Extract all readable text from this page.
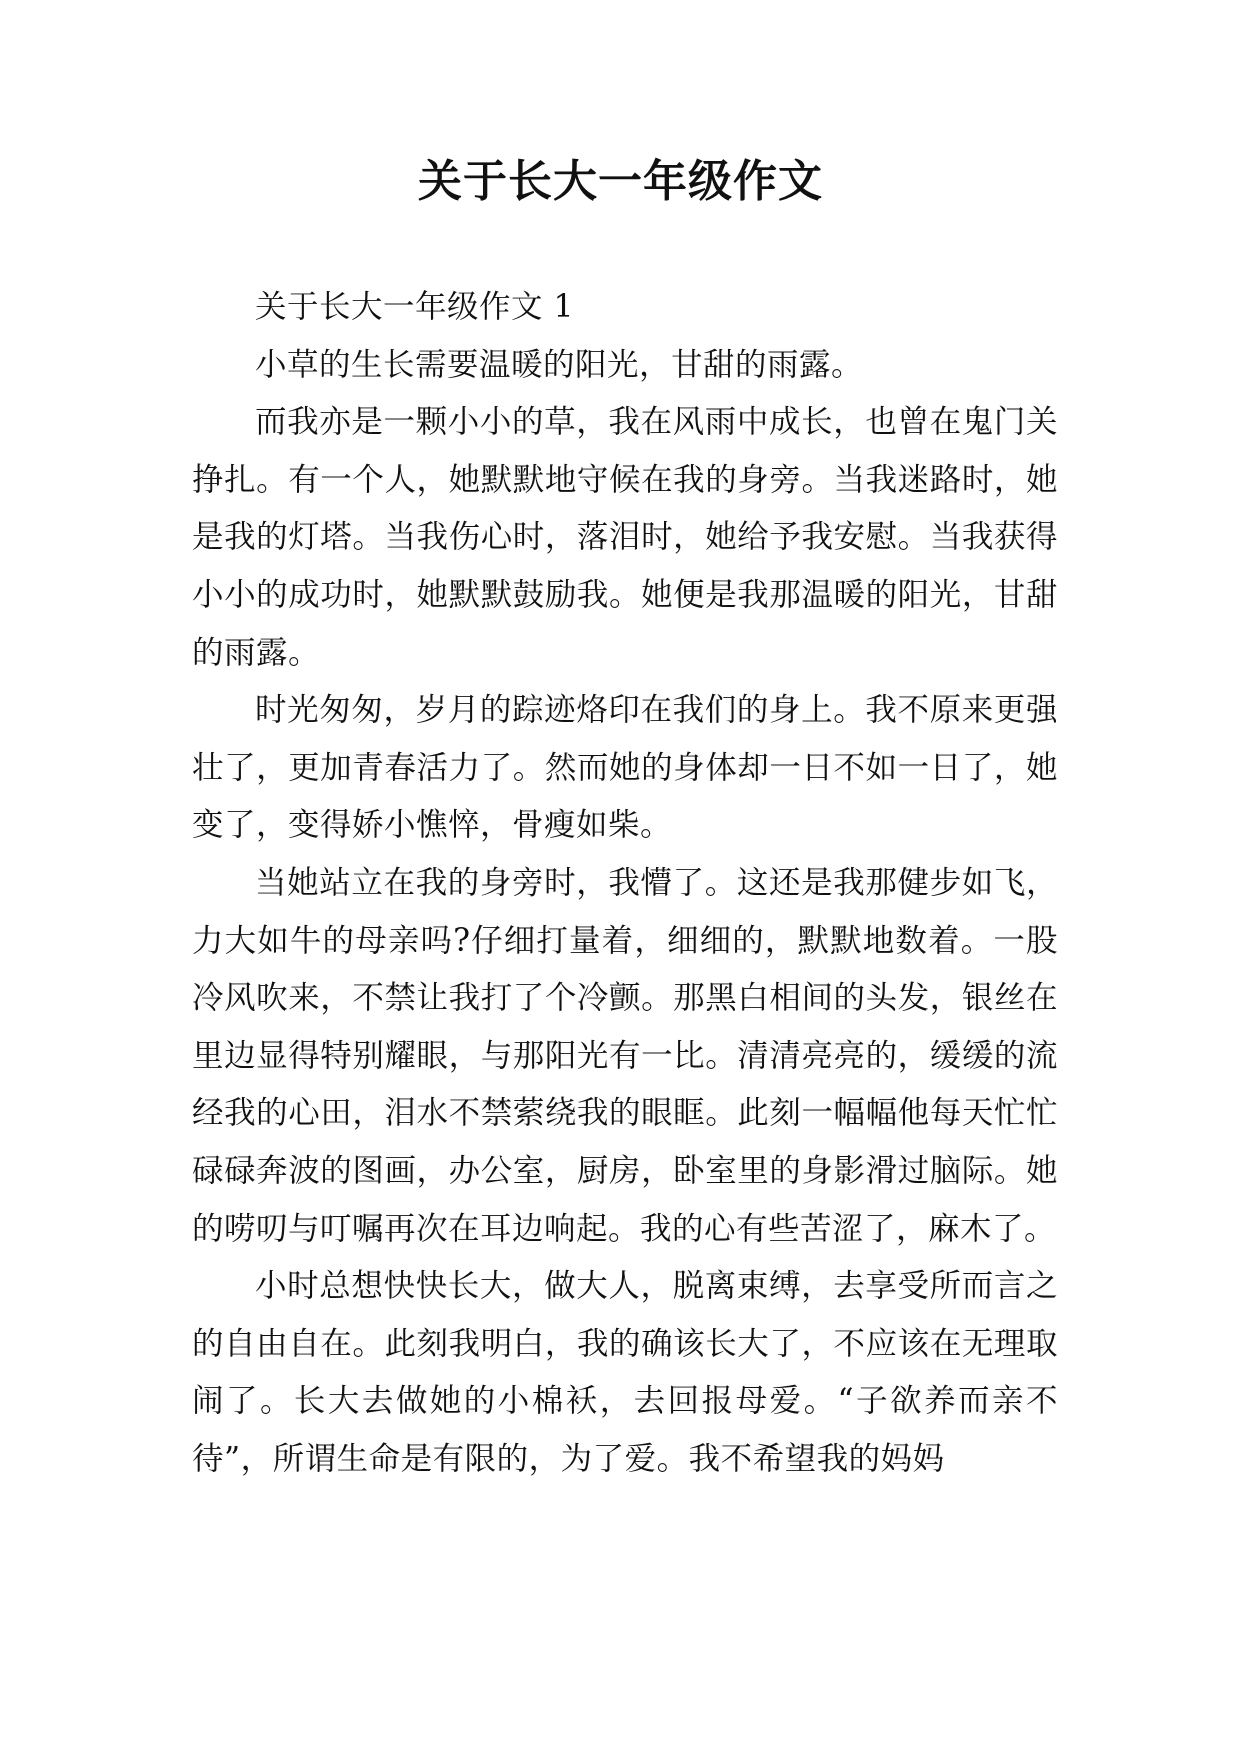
关于长大一年级作文

关于长大一年级作文 1

小草的生长需要温暖的阳光，甘甜的雨露。

而我亦是一颗小小的草，我在风雨中成长，也曾在鬼门关挣扎。有一个人，她默默地守候在我的身旁。当我迷路时，她是我的灯塔。当我伤心时，落泪时，她给予我安慰。当我获得小小的成功时，她默默鼓励我。她便是我那温暖的阳光，甘甜的雨露。

时光匆匆，岁月的踪迹烙印在我们的身上。我不原来更强壮了，更加青春活力了。然而她的身体却一日不如一日了，她变了，变得娇小憔悴，骨瘦如柴。

当她站立在我的身旁时，我懵了。这还是我那健步如飞，力大如牛的母亲吗?仔细打量着，细细的，默默地数着。一股冷风吹来，不禁让我打了个冷颤。那黑白相间的头发，银丝在里边显得特别耀眼，与那阳光有一比。清清亮亮的，缓缓的流经我的心田，泪水不禁萦绕我的眼眶。此刻一幅幅他每天忙忙碌碌奔波的图画，办公室，厨房，卧室里的身影滑过脑际。她的唠叨与叮嘱再次在耳边响起。我的心有些苦涩了，麻木了。

小时总想快快长大，做大人，脱离束缚，去享受所而言之的自由自在。此刻我明白，我的确该长大了，不应该在无理取闹了。长大去做她的小棉袄，去回报母爱。“子欲养而亲不待”，所谓生命是有限的，为了爱。我不希望我的妈妈
